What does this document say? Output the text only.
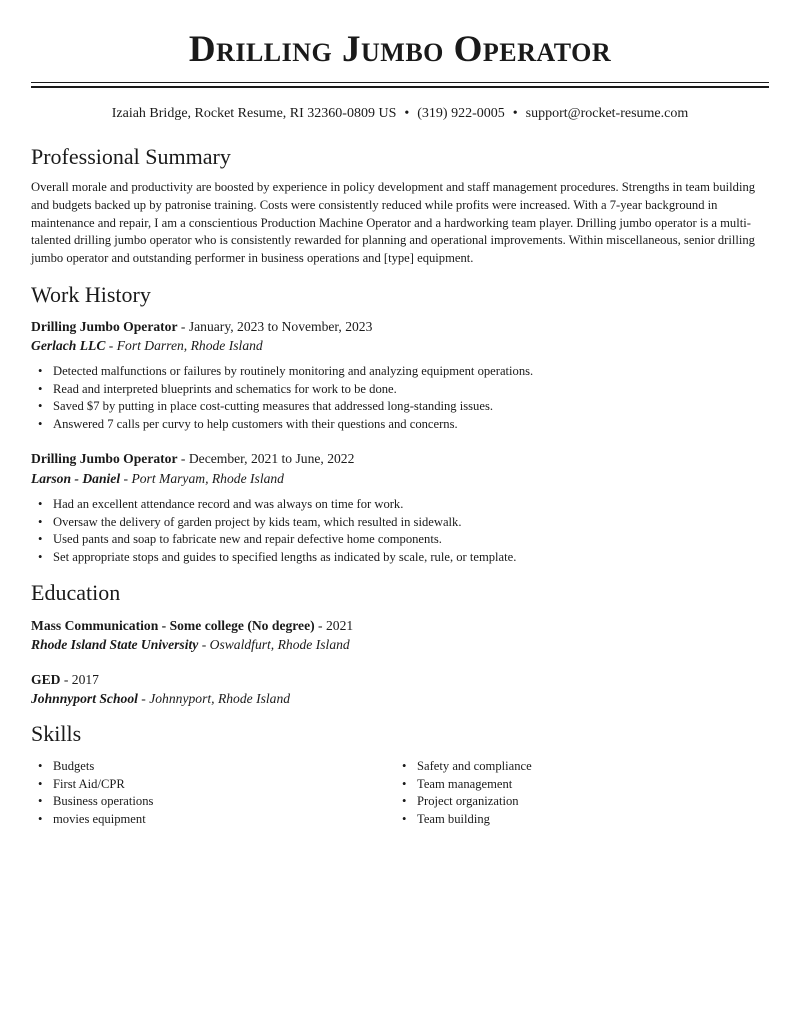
Drilling Jumbo Operator
Izaiah Bridge, Rocket Resume, RI 32360-0809 US • (319) 922-0005 • support@rocket-resume.com
Professional Summary

Overall morale and productivity are boosted by experience in policy development and staff management procedures. Strengths in team building and budgets backed up by patronise training. Costs were consistently reduced while profits were increased. With a 7-year background in maintenance and repair, I am a conscientious Production Machine Operator and a hardworking team player. Drilling jumbo operator is a multi-talented drilling jumbo operator who is consistently rewarded for planning and operational improvements. Within miscellaneous, senior drilling jumbo operator and outstanding performer in business operations and [type] equipment.

Work History
Drilling Jumbo Operator - January, 2023 to November, 2023
Gerlach LLC - Fort Darren, Rhode Island
• Detected malfunctions or failures by routinely monitoring and analyzing equipment operations.
• Read and interpreted blueprints and schematics for work to be done.
• Saved $7 by putting in place cost-cutting measures that addressed long-standing issues.
• Answered 7 calls per curvy to help customers with their questions and concerns.
Drilling Jumbo Operator - December, 2021 to June, 2022
Larson - Daniel - Port Maryam, Rhode Island
• Had an excellent attendance record and was always on time for work.
• Oversaw the delivery of garden project by kids team, which resulted in sidewalk.
• Used pants and soap to fabricate new and repair defective home components.
• Set appropriate stops and guides to specified lengths as indicated by scale, rule, or template.
Education
Mass Communication - Some college (No degree) - 2021
Rhode Island State University - Oswaldfurt, Rhode Island
GED - 2017
Johnnyport School - Johnnyport, Rhode Island
Skills
• Budgets
• First Aid/CPR
• Business operations
• movies equipment
• Safety and compliance
• Team management
• Project organization
• Team building
